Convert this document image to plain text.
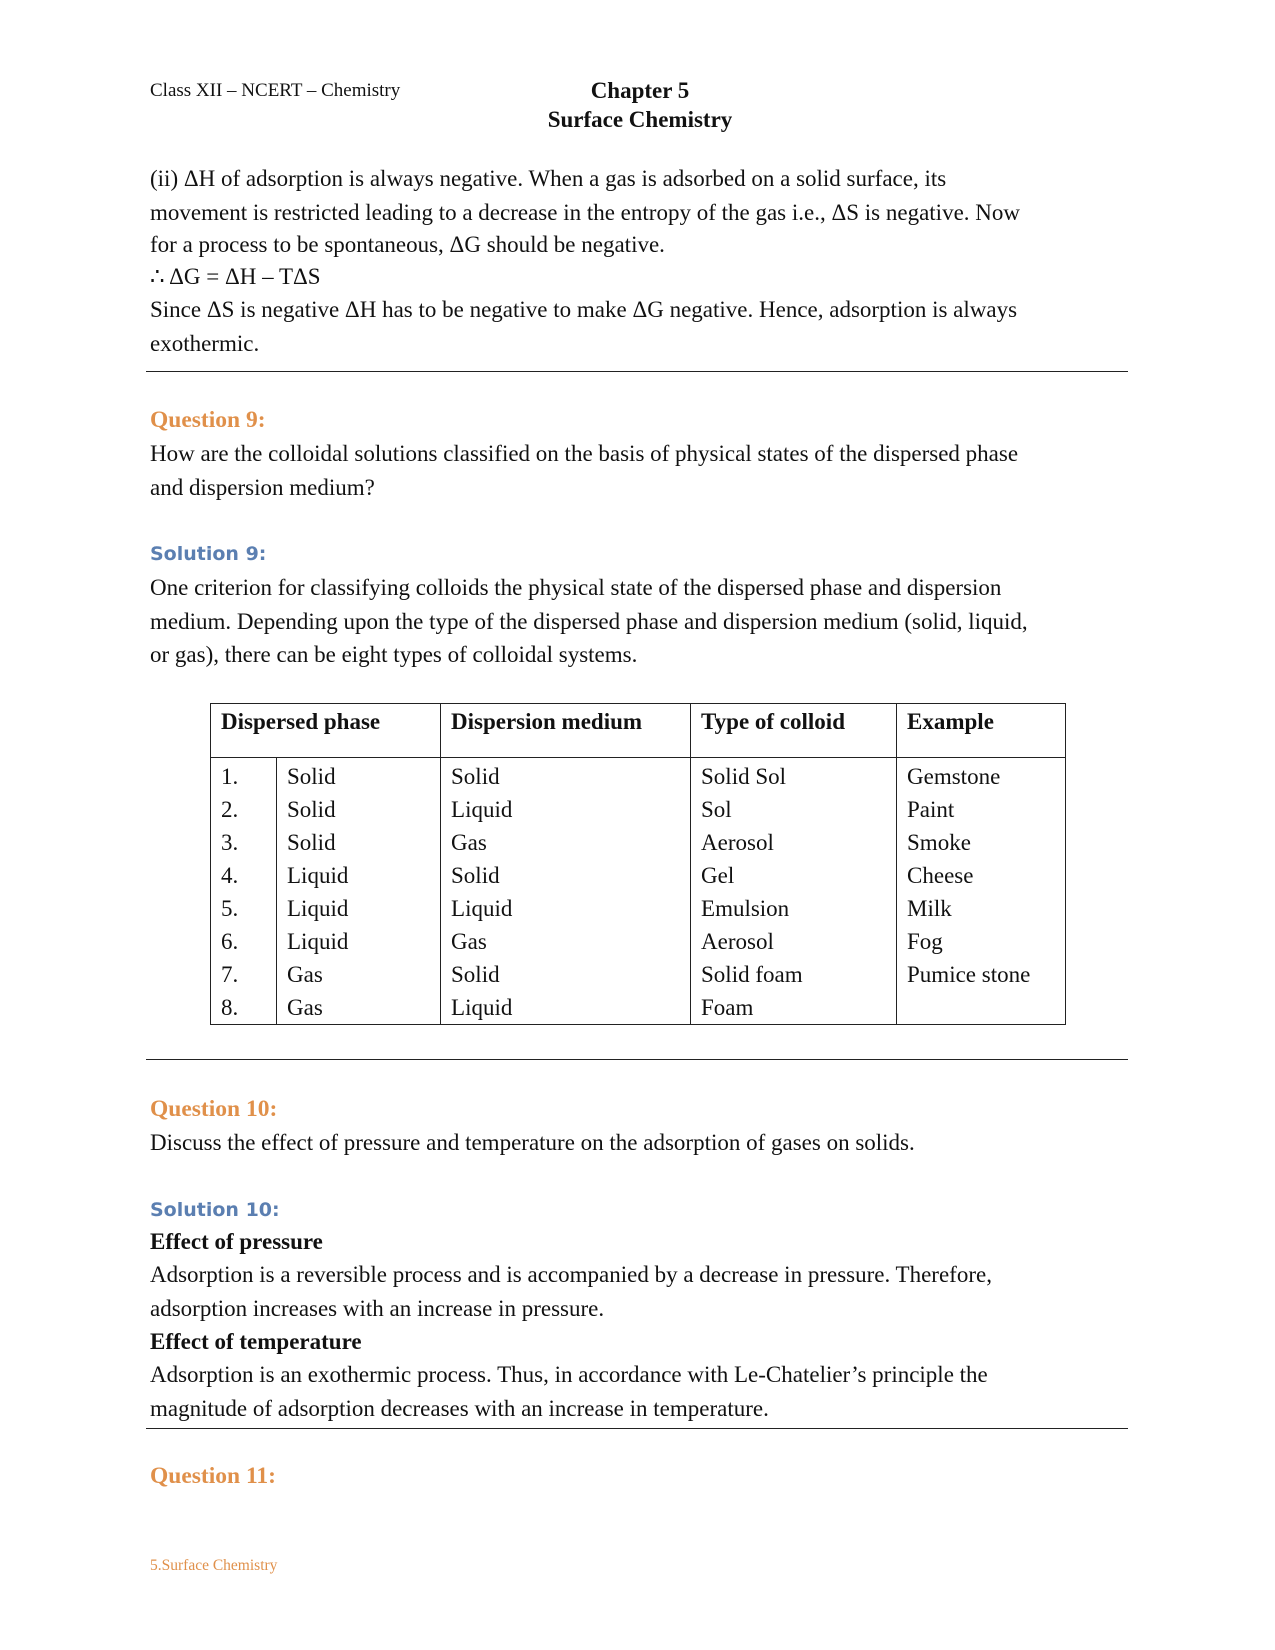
Class XII – NCERT – Chemistry	Chapter 5
Surface Chemistry
(ii) ΔH of adsorption is always negative. When a gas is adsorbed on a solid surface, its
movement is restricted leading to a decrease in the entropy of the gas i.e., ΔS is negative. Now
for a process to be spontaneous, ΔG should be negative.
∴ ΔG = ΔH – TΔS
Since ΔS is negative ΔH has to be negative to make ΔG negative. Hence, adsorption is always
exothermic.
Question 9:
How are the colloidal solutions classified on the basis of physical states of the dispersed phase
and dispersion medium?
Solution 9:
One criterion for classifying colloids the physical state of the dispersed phase and dispersion
medium. Depending upon the type of the dispersed phase and dispersion medium (solid, liquid,
or gas), there can be eight types of colloidal systems.
Dispersed phase		Dispersion medium	Type of colloid	Example
1.	Solid	Solid	Solid Sol	Gemstone
2.	Solid	Liquid	Sol	Paint
3.	Solid	Gas	Aerosol	Smoke
4.	Liquid	Solid	Gel	Cheese
5.	Liquid	Liquid	Emulsion	Milk
6.	Liquid	Gas	Aerosol	Fog
7.	Gas	Solid	Solid foam	Pumice stone
8.	Gas	Liquid	Foam	
Question 10:
Discuss the effect of pressure and temperature on the adsorption of gases on solids.
Solution 10:
Effect of pressure
Adsorption is a reversible process and is accompanied by a decrease in pressure. Therefore,
adsorption increases with an increase in pressure.
Effect of temperature
Adsorption is an exothermic process. Thus, in accordance with Le-Chatelier’s principle the
magnitude of adsorption decreases with an increase in temperature.
Question 11:
5.Surface Chemistry
